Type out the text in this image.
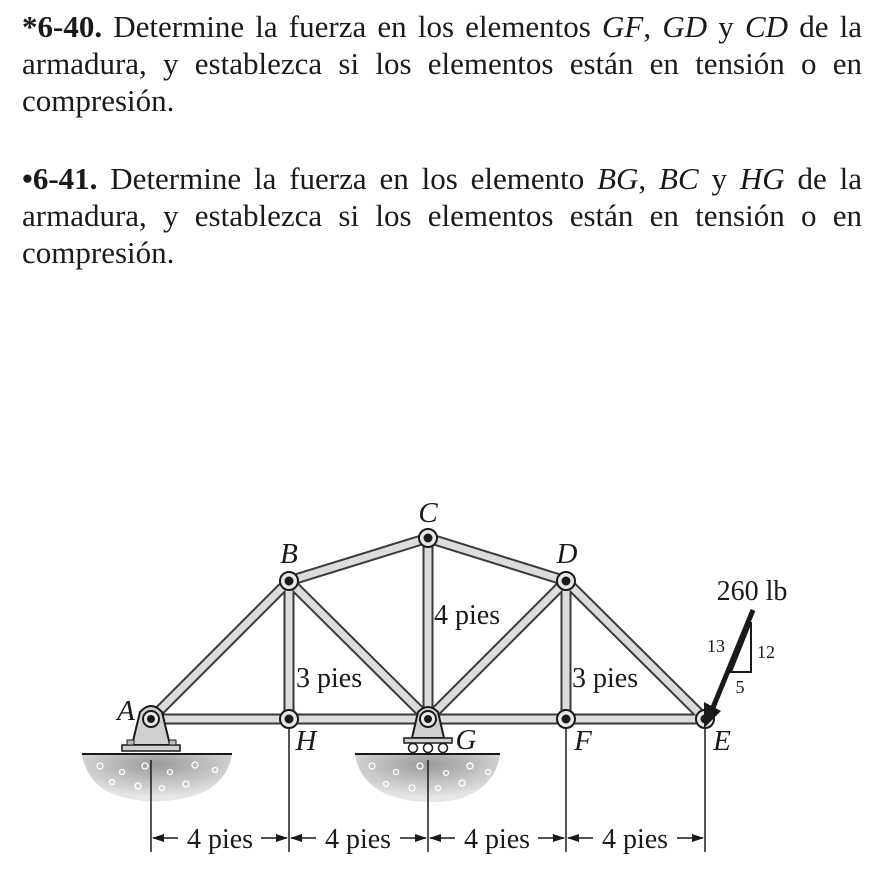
*6-40. Determine la fuerza en los elementos GF, GD y CD de la armadura, y establezca si los elementos están en tensión o en compresión.
•6-41. Determine la fuerza en los elemento BG, BC y HG de la armadura, y establezca si los elementos están en tensión o en compresión.
A
B
C
D
E
F
G
H
3 pies
4 pies
3 pies
260 lb
13 12
5
4 pies	4 pies	4 pies	4 pies
